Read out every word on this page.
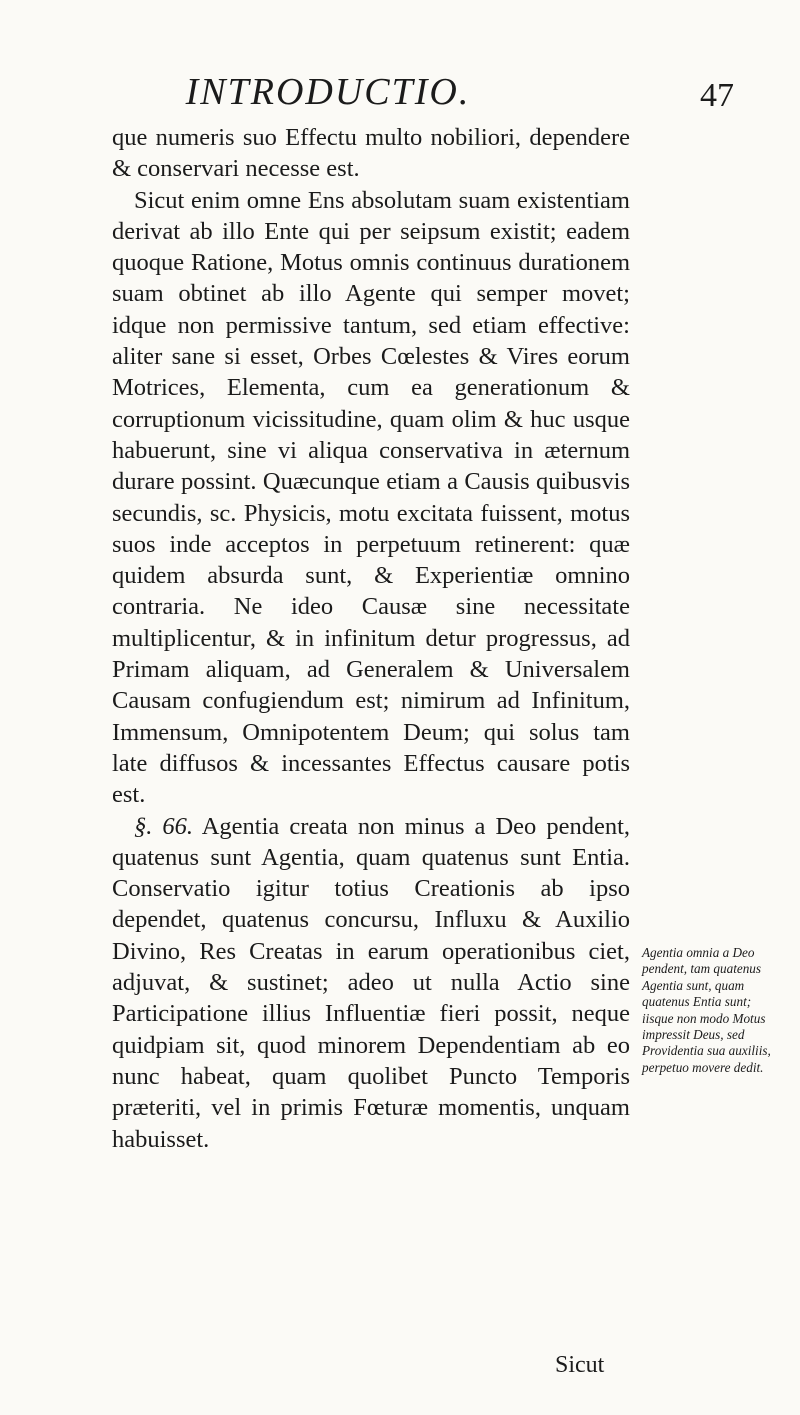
INTRODUCTIO.	47

que numeris suo Effectu multo nobiliori, dependere & conservari necesse est.

Sicut enim omne Ens absolutam suam existentiam derivat ab illo Ente qui per seipsum existit; eadem quoque Ratione, Motus omnis continuus durationem suam obtinet ab illo Agente qui semper movet; idque non permissive tantum, sed etiam effective: aliter sane si esset, Orbes Cœlestes & Vires eorum Motrices, Elementa, cum ea generationum & corruptionum vicissitudine, quam olim & huc usque habuerunt, sine vi aliqua conservativa in æternum durare possint. Quæcunque etiam a Causis quibusvis secundis, sc. Physicis, motu excitata fuissent, motus suos inde acceptos in perpetuum retinerent: quæ quidem absurda sunt, & Experientiæ omnino contraria. Ne ideo Causæ sine necessitate multiplicentur, & in infinitum detur progressus, ad Primam aliquam, ad Generalem & Universalem Causam confugiendum est; nimirum ad Infinitum, Immensum, Omnipotentem Deum; qui solus tam late diffusos & incessantes Effectus causare potis est.

§. 66. Agentia creata non minus a Deo pendent, quatenus sunt Agentia, quam quatenus sunt Entia. Conservatio igitur totius Creationis ab ipso dependet, quatenus concursu, Influxu & Auxilio Divino, Res Creatas in earum operationibus ciet, adjuvat, & sustinet; adeo ut nulla Actio sine Participatione illius Influentiæ fieri possit, neque quidpiam sit, quod minorem Dependentiam ab eo nunc habeat, quam quolibet Puncto Temporis præteriti, vel in primis Fœturæ momentis, unquam habuisset.

Agentia omnia a Deo pendent, tam quatenus Agentia sunt, quam quatenus Entia sunt; iisque non modo Motus impressit Deus, sed Providentia sua auxiliis, perpetuo movere dedit.
Sicut
